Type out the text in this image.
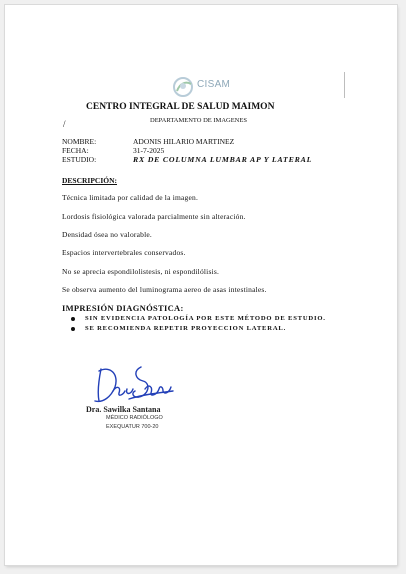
CISAM
CENTRO INTEGRAL DE SALUD MAIMON
DEPARTAMENTO DE IMAGENES
/
NOMBRE:	ADONIS HILARIO MARTINEZ
FECHA:	31-7-2025
ESTUDIO:	RX DE COLUMNA LUMBAR AP Y LATERAL
DESCRIPCIÓN:
Técnica limitada por calidad de la imagen.
Lordosis fisiológica valorada parcialmente sin alteración.
Densidad ósea no valorable.
Espacios intervertebrales conservados.
No se aprecia espondilolistesis, ni espondilólisis.
Se observa aumento del luminograma aereo de asas intestinales.
IMPRESIÓN DIAGNÓSTICA:
SIN EVIDENCIA PATOLOGÍA POR ESTE MÉTODO DE ESTUDIO.
SE RECOMIENDA REPETIR PROYECCION LATERAL.
Dra. Sawilka Santana
MÉDICO RADIÓLOGO
EXEQUATUR 700-20
